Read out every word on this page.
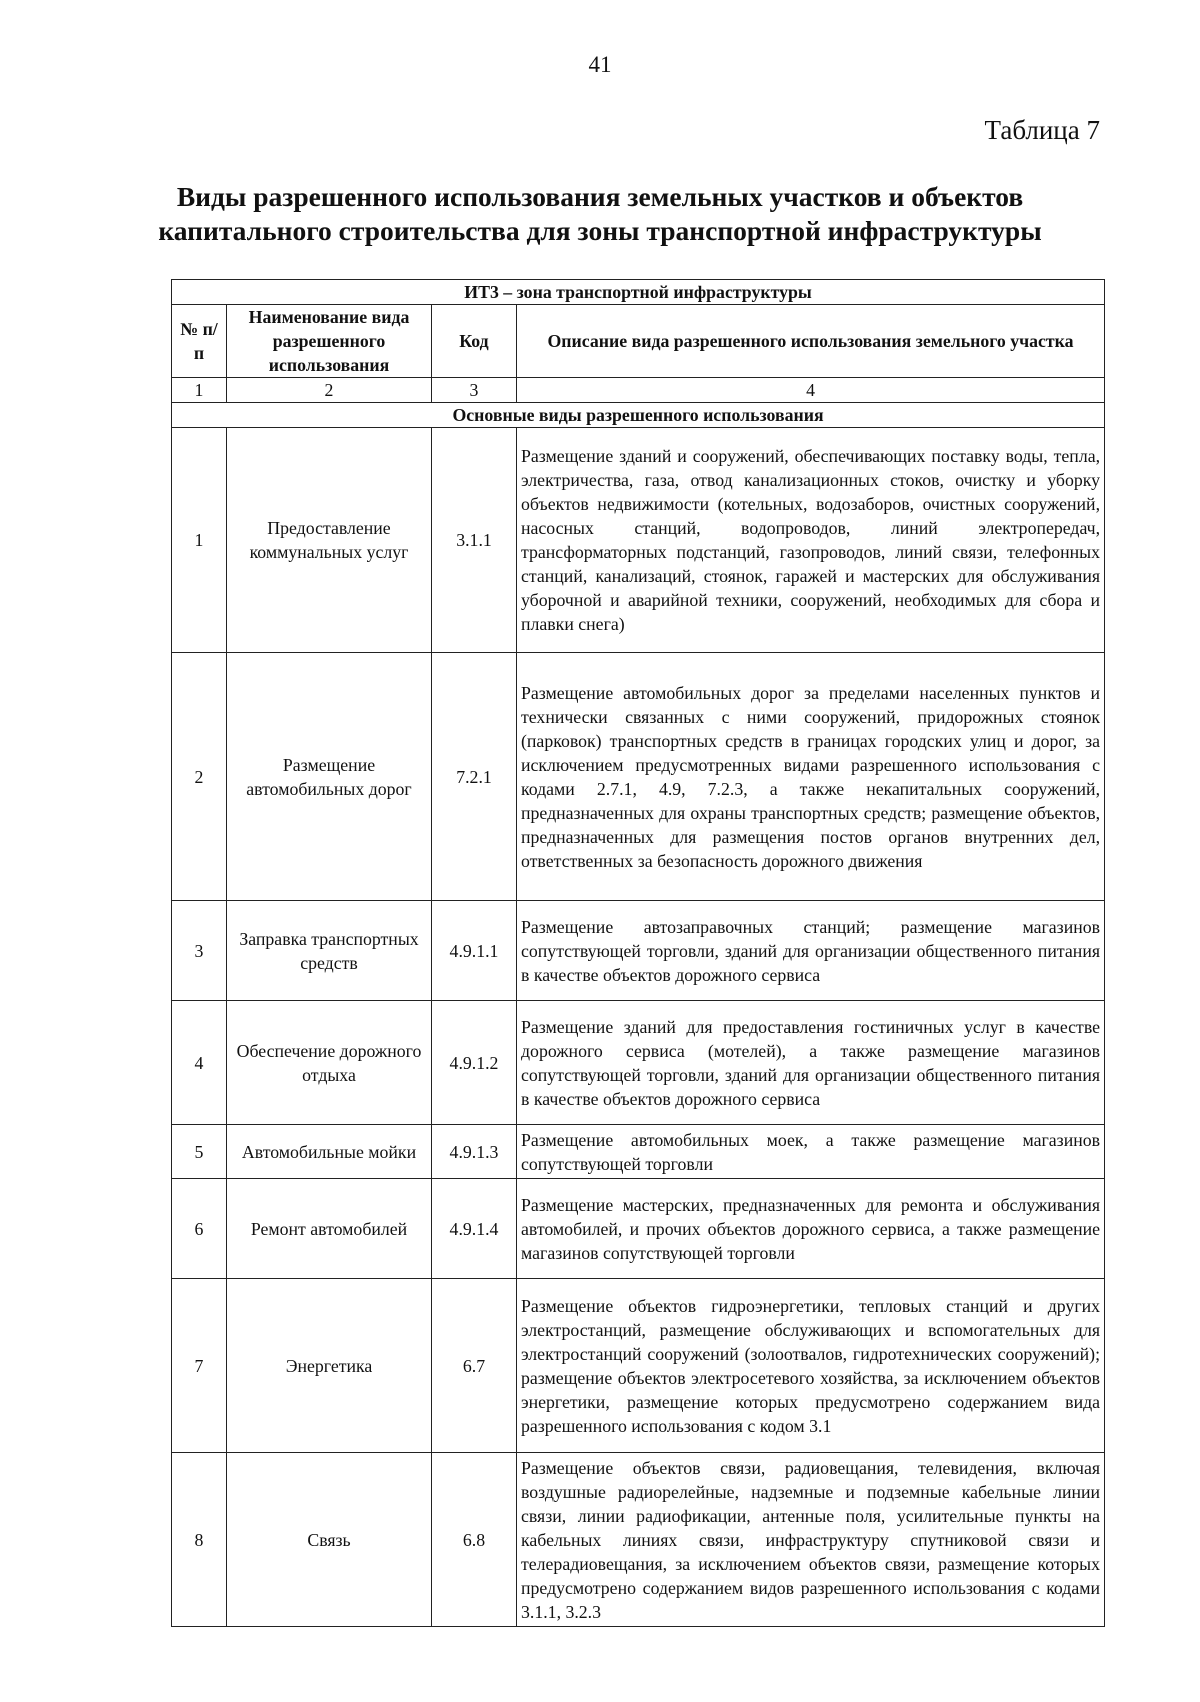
41
Таблица 7
Виды разрешенного использования земельных участков и объектов
капитального строительства для зоны транспортной инфраструктуры
ИТ3 – зона транспортной инфраструктуры			
№ п/п	Наименование вида разрешенного использования	Код	Описание вида разрешенного использования земельного участка
1	2	3	4
Основные виды разрешенного использования			
1	Предоставление коммунальных услуг	3.1.1	Размещение зданий и сооружений, обеспечивающих поставку воды, тепла, электричества, газа, отвод канализационных стоков, очистку и уборку объектов недвижимости (котельных, водозаборов, очистных сооружений, насосных станций, водопроводов, линий электропередач, трансформаторных подстанций, газопроводов, линий связи, телефонных станций, канализаций, стоянок, гаражей и мастерских для обслуживания уборочной и аварийной техники, сооружений, необходимых для сбора и плавки снега)
2	Размещение автомобильных дорог	7.2.1	Размещение автомобильных дорог за пределами населенных пунктов и технически связанных с ними сооружений, придорожных стоянок (парковок) транспортных средств в границах городских улиц и дорог, за исключением предусмотренных видами разрешенного использования с кодами 2.7.1, 4.9, 7.2.3, а также некапитальных сооружений, предназначенных для охраны транспортных средств; размещение объектов, предназначенных для размещения постов органов внутренних дел, ответственных за безопасность дорожного движения
3	Заправка транспортных средств	4.9.1.1	Размещение автозаправочных станций; размещение магазинов сопутствующей торговли, зданий для организации общественного питания в качестве объектов дорожного сервиса
4	Обеспечение дорожного отдыха	4.9.1.2	Размещение зданий для предоставления гостиничных услуг в качестве дорожного сервиса (мотелей), а также размещение магазинов сопутствующей торговли, зданий для организации общественного питания в качестве объектов дорожного сервиса
5	Автомобильные мойки	4.9.1.3	Размещение автомобильных моек, а также размещение магазинов сопутствующей торговли
6	Ремонт автомобилей	4.9.1.4	Размещение мастерских, предназначенных для ремонта и обслуживания автомобилей, и прочих объектов дорожного сервиса, а также размещение магазинов сопутствующей торговли
7	Энергетика	6.7	Размещение объектов гидроэнергетики, тепловых станций и других электростанций, размещение обслуживающих и вспомогательных для электростанций сооружений (золоотвалов, гидротехнических сооружений); размещение объектов электросетевого хозяйства, за исключением объектов энергетики, размещение которых предусмотрено содержанием вида разрешенного использования с кодом 3.1
8	Связь	6.8	Размещение объектов связи, радиовещания, телевидения, включая воздушные радиорелейные, надземные и подземные кабельные линии связи, линии радиофикации, антенные поля, усилительные пункты на кабельных линиях связи, инфраструктуру спутниковой связи и телерадиовещания, за исключением объектов связи, размещение которых предусмотрено содержанием видов разрешенного использования с кодами 3.1.1, 3.2.3
